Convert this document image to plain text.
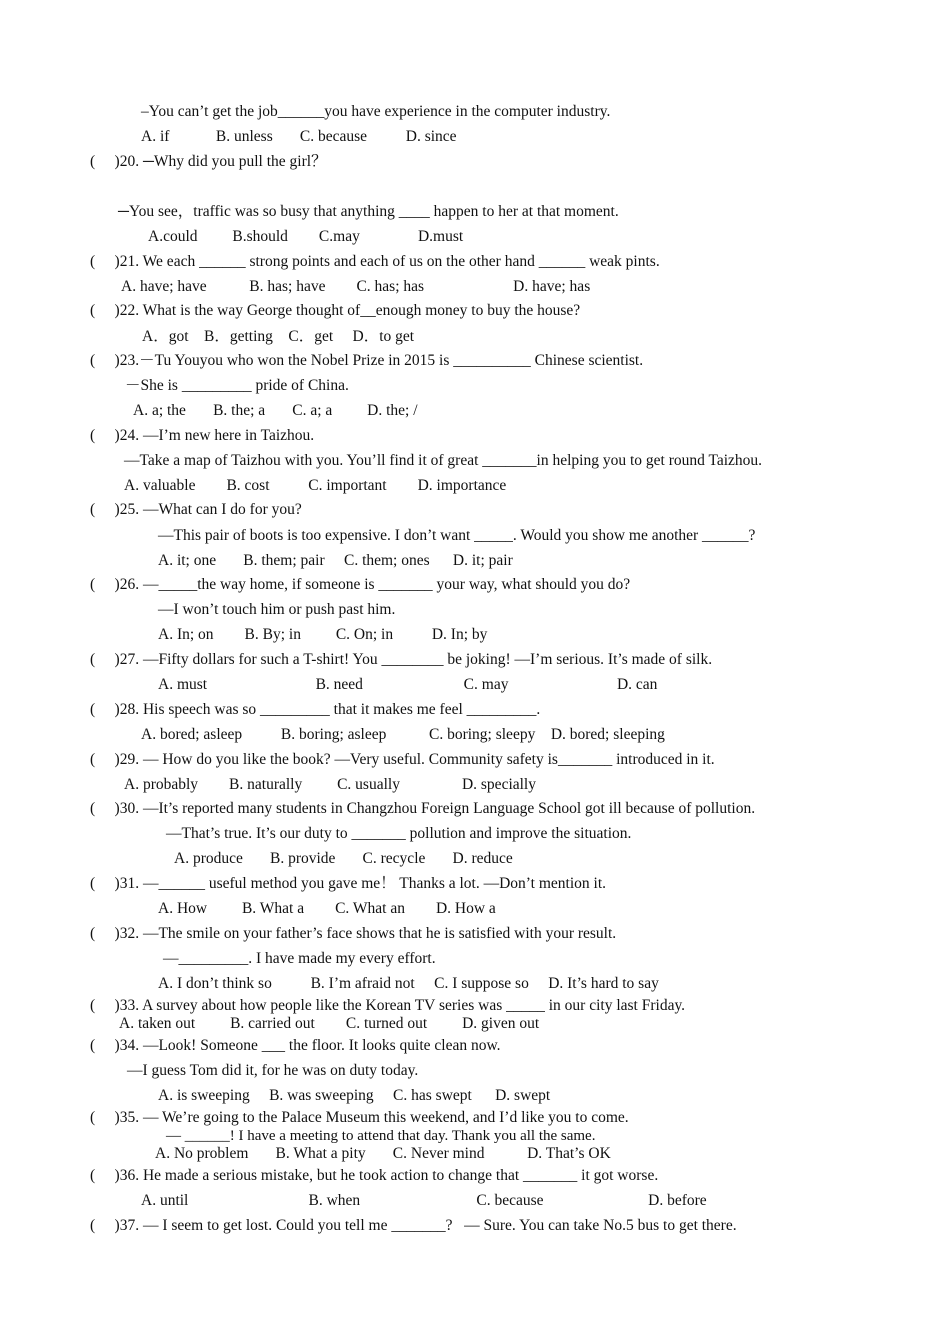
–You can’t get the job______you have experience in the computer industry.
A. if            B. unless       C. because          D. since
(     )20. ─Why did you pull the girl？
─You see，traffic was so busy that anything ____ happen to her at that moment.
A.could         B.should        C.may               D.must
(     )21. We each ______ strong points and each of us on the other hand ______ weak pints.
A. have; have           B. has; have        C. has; has                       D. have; has
(     )22. What is the way George thought of__enough money to buy the house?
A．got    B．getting    C．get     D．to get
(     )23.－Tu Youyou who won the Nobel Prize in 2015 is __________ Chinese scientist.
－She is _________ pride of China.
A. a; the       B. the; a       C. a; a         D. the; /
(     )24. —I’m new here in Taizhou.
—Take a map of Taizhou with you. You’ll find it of great _______in helping you to get round Taizhou.
A. valuable        B. cost          C. important        D. importance
(     )25. —What can I do for you?
—This pair of boots is too expensive. I don’t want _____. Would you show me another ______?
A. it; one       B. them; pair     C. them; ones      D. it; pair
(     )26. —_____the way home, if someone is _______ your way, what should you do?
—I won’t touch him or push past him.
A. In; on        B. By; in         C. On; in          D. In; by
(     )27. —Fifty dollars for such a T-shirt! You ________ be joking! —I’m serious. It’s made of silk.
A. must                            B. need                          C. may                            D. can
(     )28. His speech was so _________ that it makes me feel _________.
A. bored; asleep          B. boring; asleep           C. boring; sleepy    D. bored; sleeping
(     )29. — How do you like the book? —Very useful. Community safety is_______ introduced in it.
A. probably        B. naturally         C. usually                D. specially
(     )30. —It’s reported many students in Changzhou Foreign Language School got ill because of pollution.
—That’s true. It’s our duty to _______ pollution and improve the situation.
A. produce       B. provide       C. recycle       D. reduce
(     )31. —______ useful method you gave me！ Thanks a lot. —Don’t mention it.
A. How         B. What a        C. What an        D. How a
(     )32. —The smile on your father’s face shows that he is satisfied with your result.
—_________. I have made my every effort.
A. I don’t think so          B. I’m afraid not     C. I suppose so     D. It’s hard to say
(     )33. A survey about how people like the Korean TV series was _____ in our city last Friday.
A. taken out         B. carried out        C. turned out         D. given out
(     )34. —Look! Someone ___ the floor. It looks quite clean now.
—I guess Tom did it, for he was on duty today.
A. is sweeping     B. was sweeping     C. has swept      D. swept
(     )35. — We’re going to the Palace Museum this weekend, and I’d like you to come.
— ______! I have a meeting to attend that day. Thank you all the same.
A. No problem       B. What a pity       C. Never mind           D. That’s OK
(     )36. He made a serious mistake, but he took action to change that _______ it got worse.
A. until                               B. when                              C. because                           D. before
(     )37. — I seem to get lost. Could you tell me _______?   — Sure. You can take No.5 bus to get there.
